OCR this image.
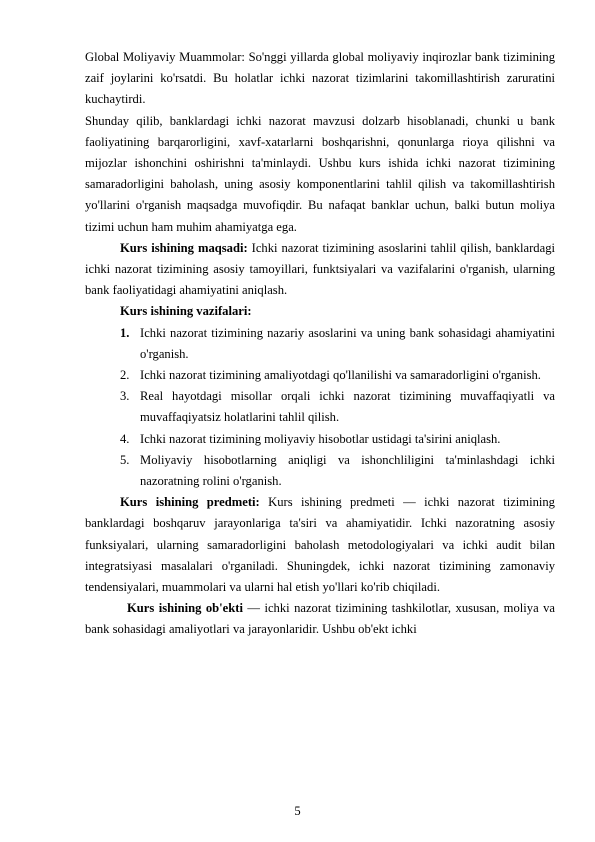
Global Moliyaviy Muammolar: So'nggi yillarda global moliyaviy inqirozlar bank tizimining zaif joylarini ko'rsatdi. Bu holatlar ichki nazorat tizimlarini takomillashtirish zaruratini kuchaytirdi.

Shunday qilib, banklardagi ichki nazorat mavzusi dolzarb hisoblanadi, chunki u bank faoliyatining barqarorligini, xavf-xatarlarni boshqarishni, qonunlarga rioya qilishni va mijozlar ishonchini oshirishni ta'minlaydi. Ushbu kurs ishida ichki nazorat tizimining samaradorligini baholash, uning asosiy komponentlarini tahlil qilish va takomillashtirish yo'llarini o'rganish maqsadga muvofiqdir. Bu nafaqat banklar uchun, balki butun moliya tizimi uchun ham muhim ahamiyatga ega.

Kurs ishining maqsadi: Ichki nazorat tizimining asoslarini tahlil qilish, banklardagi ichki nazorat tizimining asosiy tamoyillari, funktsiyalari va vazifalarini o'rganish, ularning bank faoliyatidagi ahamiyatini aniqlash.

Kurs ishining vazifalari:

1. Ichki nazorat tizimining nazariy asoslarini va uning bank sohasidagi ahamiyatini o'rganish.
2. Ichki nazorat tizimining amaliyotdagi qo'llanilishi va samaradorligini o'rganish.
3. Real hayotdagi misollar orqali ichki nazorat tizimining muvaffaqiyatli va muvaffaqiyatsiz holatlarini tahlil qilish.
4. Ichki nazorat tizimining moliyaviy hisobotlar ustidagi ta'sirini aniqlash.
5. Moliyaviy hisobotlarning aniqligi va ishonchliligini ta'minlashdagi ichki nazoratning rolini o'rganish.

Kurs ishining predmeti: Kurs ishining predmeti — ichki nazorat tizimining banklardagi boshqaruv jarayonlariga ta'siri va ahamiyatidir. Ichki nazoratning asosiy funksiyalari, ularning samaradorligini baholash metodologiyalari va ichki audit bilan integratsiyasi masalalari o'rganiladi. Shuningdek, ichki nazorat tizimining zamonaviy tendensiyalari, muammolari va ularni hal etish yo'llari ko'rib chiqiladi.

Kurs ishining ob'ekti — ichki nazorat tizimining tashkilotlar, xususan, moliya va bank sohasidagi amaliyotlari va jarayonlaridir. Ushbu ob'ekt ichki

5
